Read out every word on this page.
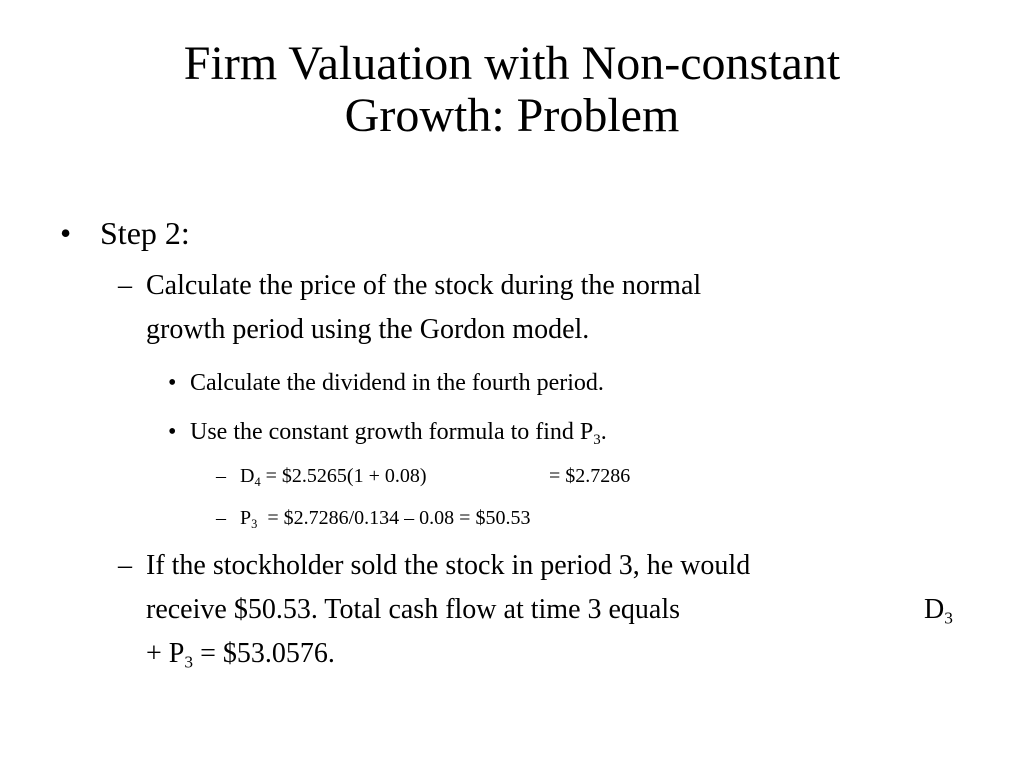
Firm Valuation with Non-constant
Growth: Problem
• Step 2:
– Calculate the price of the stock during the normal
growth period using the Gordon model.
• Calculate the dividend in the fourth period.
• Use the constant growth formula to find $P_3$.
– $D_4$ = $2.5265(1 + 0.08)	= $2.7286
– $P_3$ = $2.7286/0.134 – 0.08 = $50.53
– If the stockholder sold the stock in period 3, he would
receive $50.53. Total cash flow at time 3 equals	$D_3$
+ $P_3$ = $53.0576.
